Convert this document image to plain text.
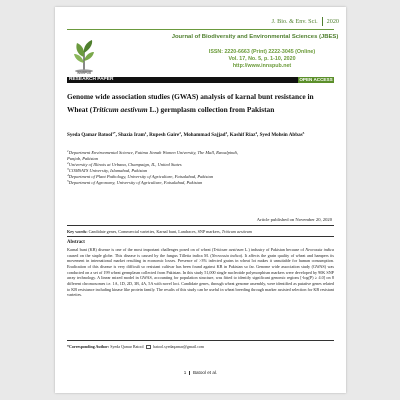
J. Bio. & Env. Sci. 2020
INNSPUB
Journal of Biodiversity and Environmental Sciences (JBES)
ISSN: 2220-6663 (Print) 2222-3045 (Online)
Vol. 17, No. 5, p. 1-10, 2020
http://www.innspub.net
RESEARCH PAPER	OPEN ACCESS
Genome wide association studies (GWAS) analysis of karnal bunt resistance in Wheat (Triticum aestivum L.) germplasm collection from Pakistan
Syeda Qamar Batool$^{1*}$, Shazia Iram$^1$, Rupesh Gaire$^2$, Mohammad Sajjad$^3$, Kashif Riaz$^4$, Syed Mohsin Abbas$^5$
$^1$Department Environmental Science, Fatima Jinnah Women University, The Mall, Rawalpindi,
Punjab, Pakistan
$^2$University of Illinois at Urbana, Champaign, IL, United States
$^3$COMSATS University, Islamabad, Pakistan
$^4$Department of Plant Pathology, University of Agriculture, Faisalabad, Pakistan
$^5$Department of Agronomy, University of Agriculture, Faisalabad, Pakistan
Article published on November 20, 2020
Key words: Candidate genes, Commercial varieties, Karnal bunt, Landraces, SNP markers, Triticum aestivum
Abstract
Karnal bunt (KB) disease is one of the most important challenges posed on of wheat (Triticum aestivum L.) industry of Pakistan because of Neovossia indica caused on the staple globe. This disease is caused by the fungus Tilletia indica M. (Neovossia indica). It affects the grain quality of wheat and hampers its movement in international market resulting in economic losses. Presence of >3% infected grains in wheat lot makes it unsuitable for human consumption. Eradication of this disease is very difficult so resistant cultivar has been found against KB in Pakistan so far. Genome wide association study (GWAS) was conducted on a set of 199 wheat germplasm collected from Pakistan. In this study 51,000 single nucleotide polymorphism markers were developed by 90K SNP array technology. A linear mixed model in GWAS, accounting for population structure, was fitted to identify significant genomic regions [-log(P) ≥ 4.0] on 8 different chromosomes i.e. 1A, 1D, 2D, 3B, 4A, 5A with novel loci. Candidate genes, through wheat genome assembly, were identified as putative genes related to KB resistance including kinase like protein family. The results of this study can be useful in wheat breeding through marker assisted selection for KB resistant varieties.
*Corresponding Author: Syeda Qamar Batool batool.syedaqamar@gmail.com
1 Batool et al.
